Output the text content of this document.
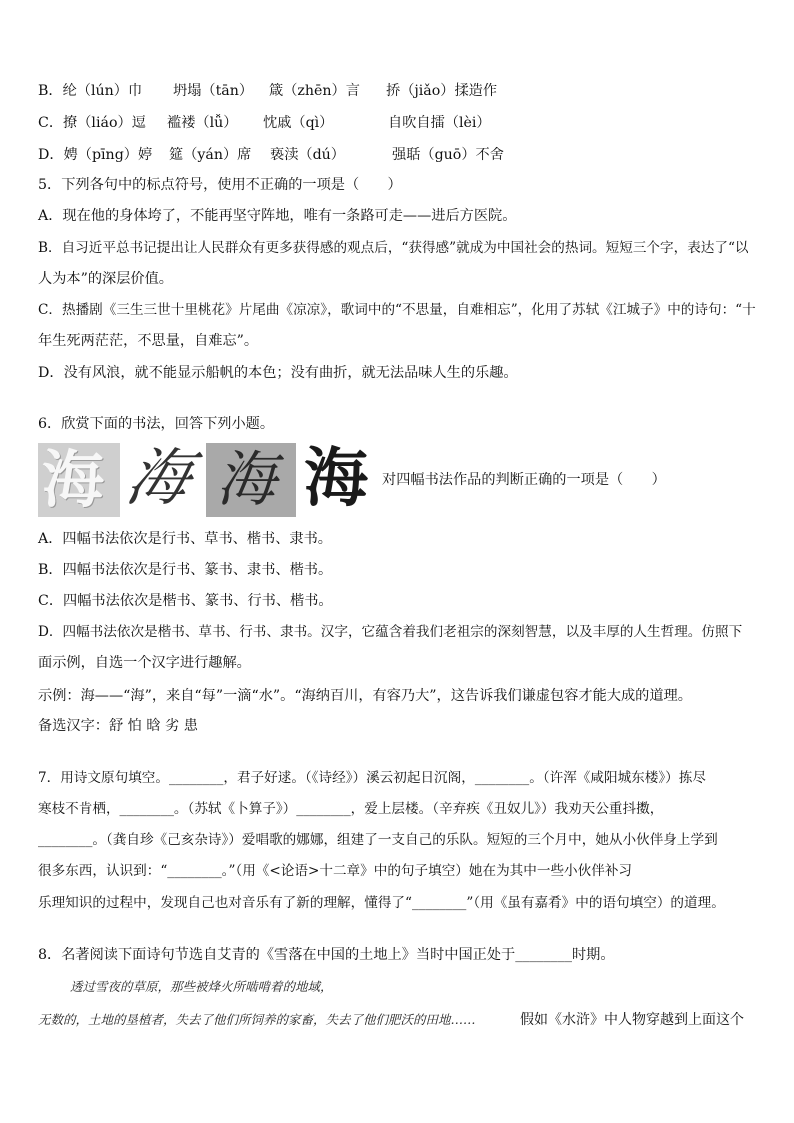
B．纶（lún）巾 坍塌（tān） 箴（zhēn）言 挢（jiǎo）揉造作
C．撩（liáo）逗 褴褛（lǚ） 忱戚（qì）	自吹自擂（lèi）
D．娉（pīng）婷 筵（yán）席 亵渎（dú）	强聒（guō）不舍
5．下列各句中的标点符号，使用不正确的一项是（　　）
A．现在他的身体垮了，不能再坚守阵地，唯有一条路可走——进后方医院。
B．自习近平总书记提出让人民群众有更多获得感的观点后，“获得感”就成为中国社会的热词。短短三个字，表达了“以
人为本”的深层价值。
C．热播剧《三生三世十里桃花》片尾曲《凉凉》，歌词中的“不思量，自难相忘”，化用了苏轼《江城子》中的诗句：“十
年生死两茫茫，不思量，自难忘”。
D．没有风浪，就不能显示船帆的本色；没有曲折，就无法品味人生的乐趣。
6．欣赏下面的书法，回答下列小题。
海 海 海 海 对四幅书法作品的判断正确的一项是（　　）
A．四幅书法依次是行书、草书、楷书、隶书。
B．四幅书法依次是行书、篆书、隶书、楷书。
C．四幅书法依次是楷书、篆书、行书、楷书。
D．四幅书法依次是楷书、草书、行书、隶书。汉字，它蕴含着我们老祖宗的深刻智慧，以及丰厚的人生哲理。仿照下
面示例，自选一个汉字进行趣解。
示例：海——“海”，来自“每”一滴“水”。“海纳百川，有容乃大”，这告诉我们谦虚包容才能大成的道理。
备选汉字：舒 怕 晗 劣 患
7．用诗文原句填空。________，君子好逑。（《诗经》）溪云初起日沉阁，________。（许浑《咸阳城东楼》）拣尽
寒枝不肯栖，________。（苏轼《卜算子》）________，爱上层楼。（辛弃疾《丑奴儿》）我劝天公重抖擞，
________。（龚自珍《己亥杂诗》）爱唱歌的娜娜，组建了一支自己的乐队。短短的三个月中，她从小伙伴身上学到
很多东西，认识到：“________。”（用《<论语>十二章》中的句子填空）她在为其中一些小伙伴补习
乐理知识的过程中，发现自己也对音乐有了新的理解，懂得了“________”（用《虽有嘉肴》中的语句填空）的道理。
8．名著阅读下面诗句节选自艾青的《雪落在中国的土地上》当时中国正处于________时期。
透过雪夜的草原，那些被烽火所啮啃着的地域，
无数的，土地的垦植者，失去了他们所饲养的家畜，失去了他们肥沃的田地……	假如《水浒》中人物穿越到上面这个
